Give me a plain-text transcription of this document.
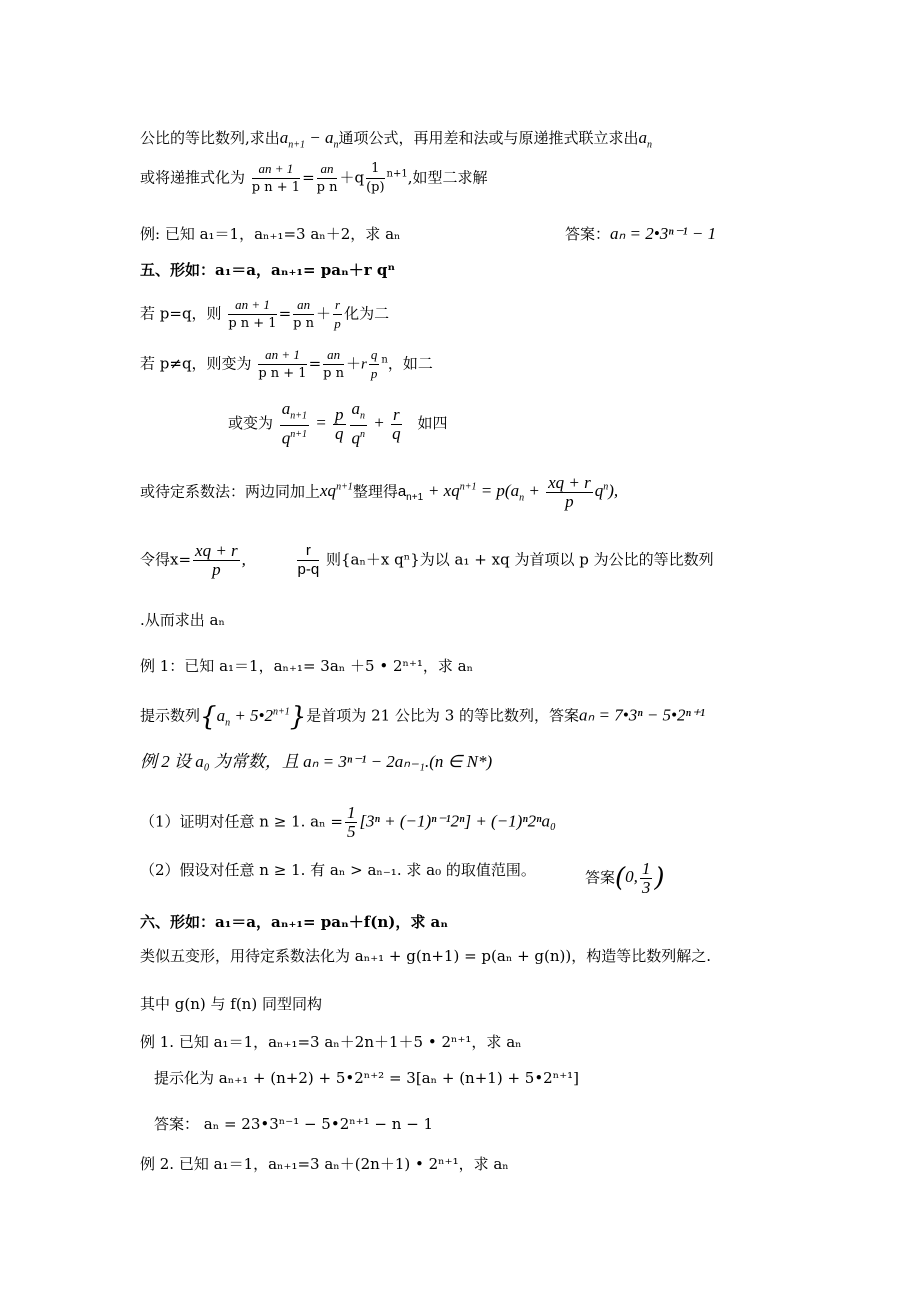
公比的等比数列,求出$a_{n+1} - a_n$通项公式，再用差和法或与原递推式联立求出$a_n$
或将递推式化为 $\frac{an + 1}{\text{p n + 1}} = \frac{an}{\text{p n}} +q \frac{1}{(p)} ^{n+1}$,如型二求解
例: 已知 a₁＝1，aₙ₊₁=3 aₙ＋2，求 aₙ	答案：aₙ = 2•3ⁿ⁻¹ − 1
五、形如：a₁＝a，aₙ₊₁= paₙ＋r qⁿ
若 p=q，则 $\frac{an + 1}{\text{p n + 1}} = \frac{an}{\text{p n}} + \frac{r}{p}$ 化为二
若 p≠q，则变为 $\frac{an + 1}{\text{p n + 1}} = \frac{an}{\text{p n}} +r \frac{q}{p} ^n$，如二
或变为 $\frac{a_{n+1}}{q^{n+1}} = \frac{p}{q} \frac{a_n}{q^n} + \frac{r}{q}$ 如四
或待定系数法：两边同加上$xq^{n+1}$整理得$a_{n+1} + xq^{n+1} = p(a_n + \frac{xq + r}{p} q^n)$,
令得$x= \frac{xq + r}{p}$ ,	$\frac{r}{p-q}$ 则{aₙ＋x qⁿ}为以 a₁ + xq 为首项以 p 为公比的等比数列
.从而求出 aₙ
例 1：已知 a₁＝1，aₙ₊₁= 3aₙ ＋5 • 2ⁿ⁺¹，求 aₙ
提示数列{$a_n$ + $5•2^{n+1}$}是首项为 21 公比为 3 的等比数列，答案aₙ = 7•3ⁿ − 5•2ⁿ⁺¹
例 2 设 a₀ 为常数，且 aₙ = 3ⁿ⁻¹ − 2aₙ₋₁.(n ∈ N*)
（1）证明对任意 n ≥ 1. $a_n = \frac{1}{5} [3^n + (-1)^{n-1}2^n] + (-1)^n2^na_0$
（2）假设对任意 n ≥ 1. 有 aₙ > aₙ₋₁. 求 a₀ 的取值范围。	答案(0, $\frac{1}{3}$ )
六、形如：a₁＝a，aₙ₊₁= paₙ＋f(n)，求 aₙ
类似五变形，用待定系数法化为 aₙ₊₁ + g(n+1) = p(aₙ + g(n))，构造等比数列解之.
其中 g(n) 与 f(n) 同型同构
例 1. 已知 a₁＝1，aₙ₊₁=3 aₙ＋2n＋1＋5 • 2ⁿ⁺¹，求 aₙ
提示化为 aₙ₊₁ + (n+2) + 5•2ⁿ⁺² = 3[aₙ + (n+1) + 5•2ⁿ⁺¹]
答案： aₙ = 23•3ⁿ⁻¹ − 5•2ⁿ⁺¹ − n − 1
例 2. 已知 a₁＝1，aₙ₊₁=3 aₙ＋(2n＋1) • 2ⁿ⁺¹，求 aₙ
